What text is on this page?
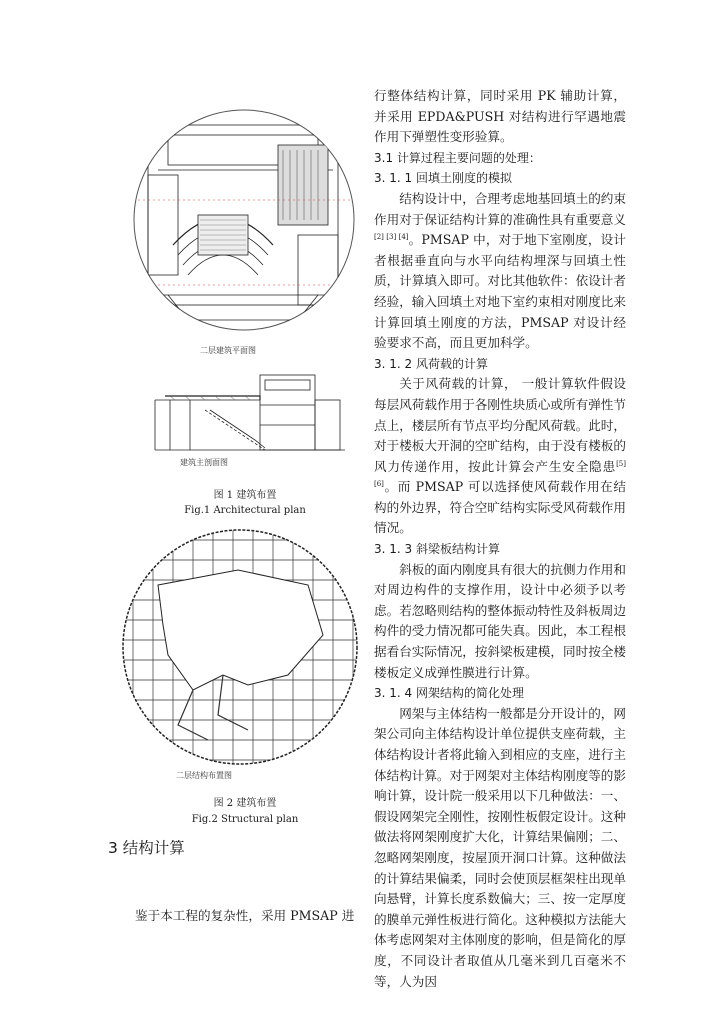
二层建筑平面图
建筑主剖面图
图 1 建筑布置
Fig.1 Architectural plan
二层结构布置图
图 2 建筑布置
Fig.2 Structural plan
3 结构计算
鉴于本工程的复杂性，采用 PMSAP 进

行整体结构计算，同时采用 PK 辅助计算，并采用 EPDA&PUSH 对结构进行罕遇地震作用下弹塑性变形验算。

3.1 计算过程主要问题的处理：

3. 1. 1 回填土刚度的模拟

结构设计中，合理考虑地基回填土的约束作用对于保证结构计算的准确性具有重要意义[2] [3] [4]。PMSAP 中，对于地下室刚度，设计者根据垂直向与水平向结构埋深与回填土性质，计算填入即可。对比其他软件：依设计者经验，输入回填土对地下室约束相对刚度比来计算回填土刚度的方法，PMSAP 对设计经验要求不高，而且更加科学。

3. 1. 2 风荷载的计算

关于风荷载的计算， 一般计算软件假设每层风荷载作用于各刚性块质心或所有弹性节点上，楼层所有节点平均分配风荷载。此时，对于楼板大开洞的空旷结构，由于没有楼板的风力传递作用，按此计算会产生安全隐患[5] [6]。而 PMSAP 可以选择使风荷载作用在结构的外边界，符合空旷结构实际受风荷载作用情况。

3. 1. 3 斜梁板结构计算

斜板的面内刚度具有很大的抗侧力作用和对周边构件的支撑作用，设计中必须予以考虑。若忽略则结构的整体振动特性及斜板周边构件的受力情况都可能失真。因此，本工程根据看台实际情况，按斜梁板建模，同时按全楼楼板定义成弹性膜进行计算。

3. 1. 4 网架结构的简化处理

网架与主体结构一般都是分开设计的，网架公司向主体结构设计单位提供支座荷载，主体结构设计者将此输入到相应的支座，进行主体结构计算。对于网架对主体结构刚度等的影响计算，设计院一般采用以下几种做法：一、假设网架完全刚性，按刚性板假定设计。这种做法将网架刚度扩大化，计算结果偏刚；二、忽略网架刚度，按屋顶开洞口计算。这种做法的计算结果偏柔，同时会使顶层框架柱出现单向悬臂，计算长度系数偏大；三、按一定厚度的膜单元弹性板进行简化。这种模拟方法能大体考虑网架对主体刚度的影响，但是简化的厚度，不同设计者取值从几毫米到几百毫米不等，人为因
